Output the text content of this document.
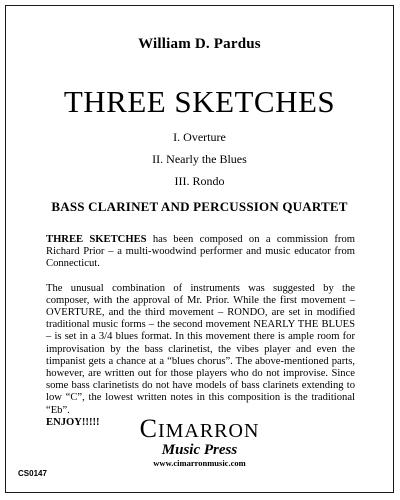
William D. Pardus
THREE SKETCHES
I. Overture
II. Nearly the Blues
III. Rondo
BASS CLARINET AND PERCUSSION QUARTET

THREE SKETCHES has been composed on a commission from Richard Prior – a multi-woodwind performer and music educator from Connecticut.

The unusual combination of instruments was suggested by the composer, with the approval of Mr. Prior. While the first movement – OVERTURE, and the third movement – RONDO, are set in modified traditional music forms – the second movement NEARLY THE BLUES – is set in a 3/4 blues format. In this movement there is ample room for improvisation by the bass clarinetist, the vibes player and even the timpanist gets a chance at a “blues chorus”. The above-mentioned parts, however, are written out for those players who do not improvise. Since some bass clarinetists do not have models of bass clarinets extending to low “C”, the lowest written notes in this composition is the traditional “Eb”.

ENJOY!!!!!	CIMARRON
Music Press
www.cimarronmusic.com
CS0147
